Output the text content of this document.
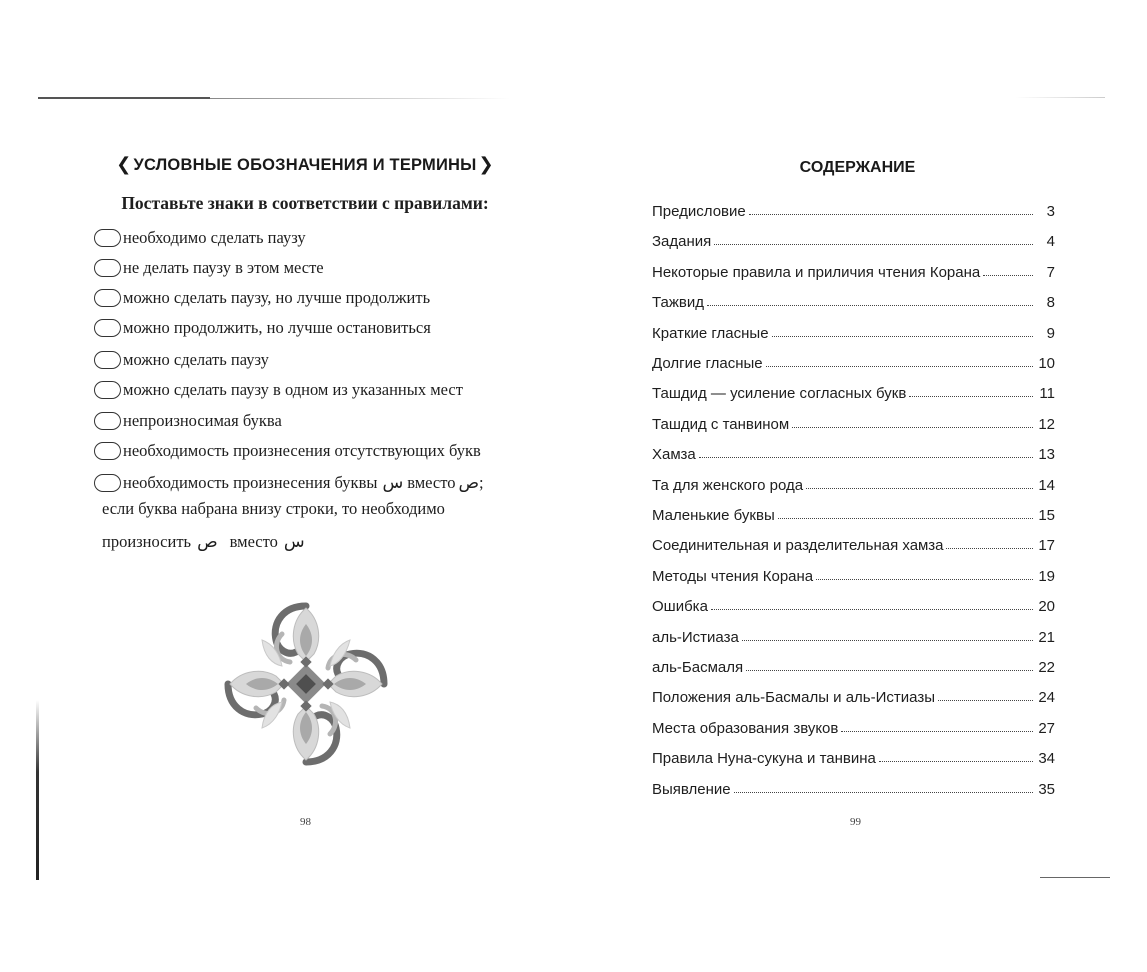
❮ УСЛОВНЫЕ ОБОЗНАЧЕНИЯ И ТЕРМИНЫ ❯
Поставьте знаки в соответствии с правилами:
необходимо сделать паузу
не делать паузу в этом месте
можно сделать паузу, но лучше продолжить
можно продолжить, но лучше остановиться
можно сделать паузу
можно сделать паузу в одном из указанных мест
непроизносимая буква
необходимость произнесения отсутствующих букв
необходимость произнесения буквы س вместо ص ;
если буква набрана внизу строки, то необходимо
произносить ص вместо س
98
СОДЕРЖАНИЕ
Предисловие	3
Задания	4
Некоторые правила и приличия чтения Корана	7
Тажвид	8
Краткие гласные	9
Долгие гласные	10
Ташдид — усиление согласных букв	11
Ташдид с танвином	12
Хамза	13
Та для женского рода	14
Маленькие буквы	15
Соединительная и разделительная хамза	17
Методы чтения Корана	19
Ошибка	20
аль-Истиаза	21
аль-Басмаля	22
Положения аль-Басмалы и аль-Истиазы	24
Места образования звуков	27
Правила Нуна-сукуна и танвина	34
Выявление	35
99
